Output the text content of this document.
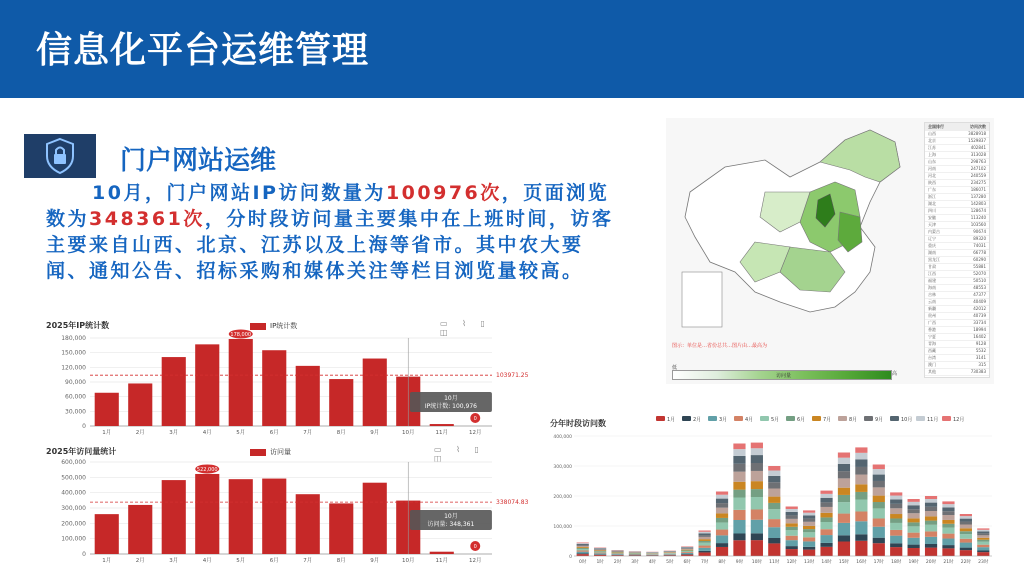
信息化平台运维管理
门户网站运维
10月，门户网站IP访问数量为100976次，页面浏览数为348361次，分时段访问量主要集中在上班时间，访客主要来自山西、北京、江苏以及上海等省市。其中农大要闻、通知公告、招标采购和媒体关注等栏目浏览量较高。
2025年IP统计数	IP统计数	▭ ⌇ ▯ ◫
0
30,000
60,000
90,000
120,000
150,000
180,000
1月	2月	3月	4月	5月	6月	7月	8月	9月	10月	11月	12月
103971.25
178,000
0
10月
IP统计数: 100,976
2025年访问量统计	访问量	▭ ⌇ ▯ ◫
0
100,000
200,000
300,000
400,000
500,000
600,000
1月	2月	3月	4月	5月	6月	7月	8月	9月	10月	11月	12月
338074.83
522,000
0
10月
访问量: 348,361
全国排行	访问次数
山西	3828918
北京	1529837
江苏	402841
上海	313028
山东	298763
河南	247102
河北	240559
陕西	234275
广东	186071
浙江	137280
湖北	142803
四川	128674
安徽	113240
天津	103560
内蒙古	90674
辽宁	89320
重庆	74031
湖南	66778
黑龙江	60290
甘肃	55881
江西	52070
福建	50510
海南	48553
吉林	47377
云南	40409
新疆	42012
贵州	40739
广西	33734
香港	18994
宁夏	16402
青海	9128
西藏	5532
台湾	3141
澳门	315
其他	730383
图示：单位是…省份总共…图片由…最高为
低
访问量	高
分年时段访问数	1月	2月	3月	4月	5月	6月	7月	8月	9月	10月	11月	12月
0
100,000
200,000
300,000
400,000
0时 1时 2时 3时 4时 5时 6时 7时 8时 9时 10时 11时 12时 13时 14时 15时 16时 17时 18时 19时 20时 21时 22时 23时
